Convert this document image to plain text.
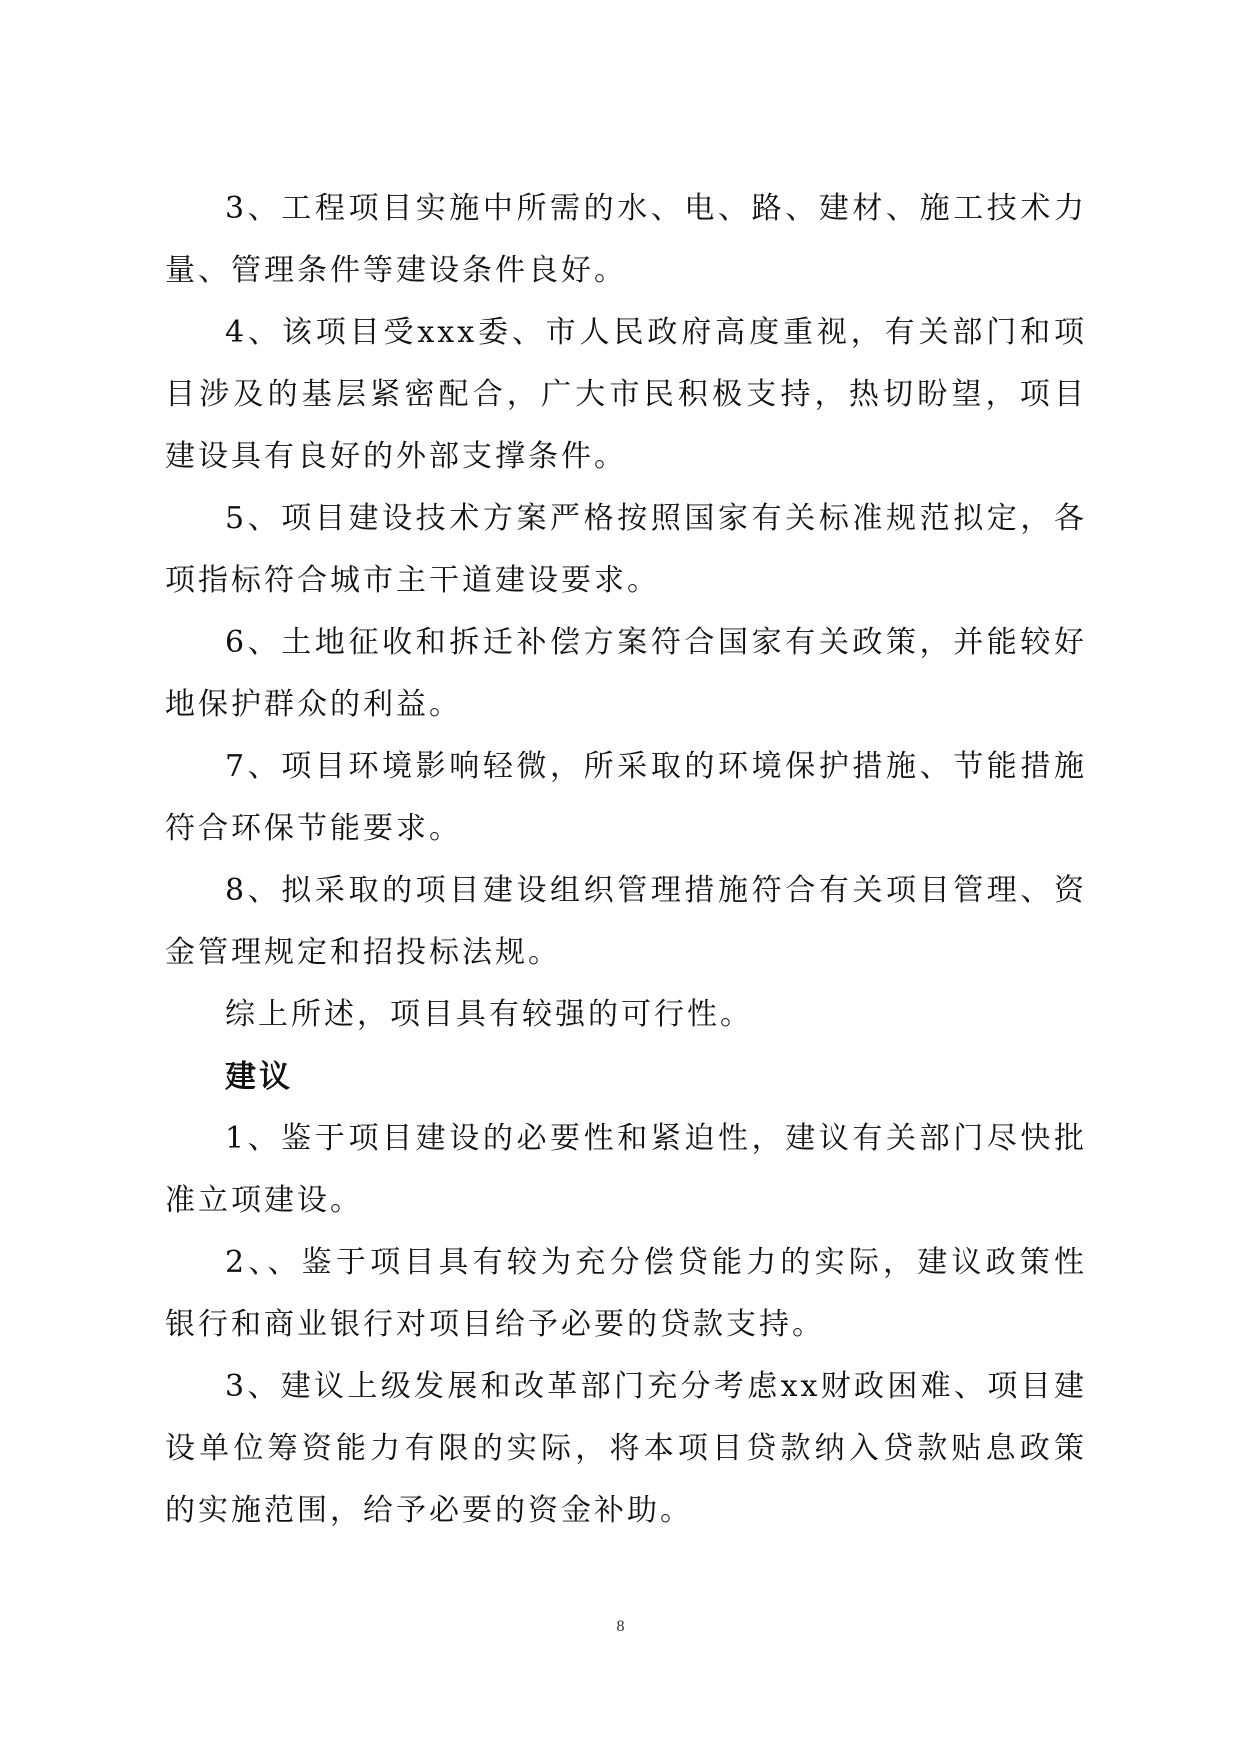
3、工程项目实施中所需的水、电、路、建材、施工技术力量、管理条件等建设条件良好。

4、该项目受xxx委、市人民政府高度重视，有关部门和项目涉及的基层紧密配合，广大市民积极支持，热切盼望，项目建设具有良好的外部支撑条件。

5、项目建设技术方案严格按照国家有关标准规范拟定，各项指标符合城市主干道建设要求。

6、土地征收和拆迁补偿方案符合国家有关政策，并能较好地保护群众的利益。

7、项目环境影响轻微，所采取的环境保护措施、节能措施符合环保节能要求。

8、拟采取的项目建设组织管理措施符合有关项目管理、资金管理规定和招投标法规。

综上所述，项目具有较强的可行性。

建议

1、鉴于项目建设的必要性和紧迫性，建议有关部门尽快批准立项建设。

2、、鉴于项目具有较为充分偿贷能力的实际，建议政策性银行和商业银行对项目给予必要的贷款支持。

3、建议上级发展和改革部门充分考虑xx财政困难、项目建设单位筹资能力有限的实际，将本项目贷款纳入贷款贴息政策的实施范围，给予必要的资金补助。

8
